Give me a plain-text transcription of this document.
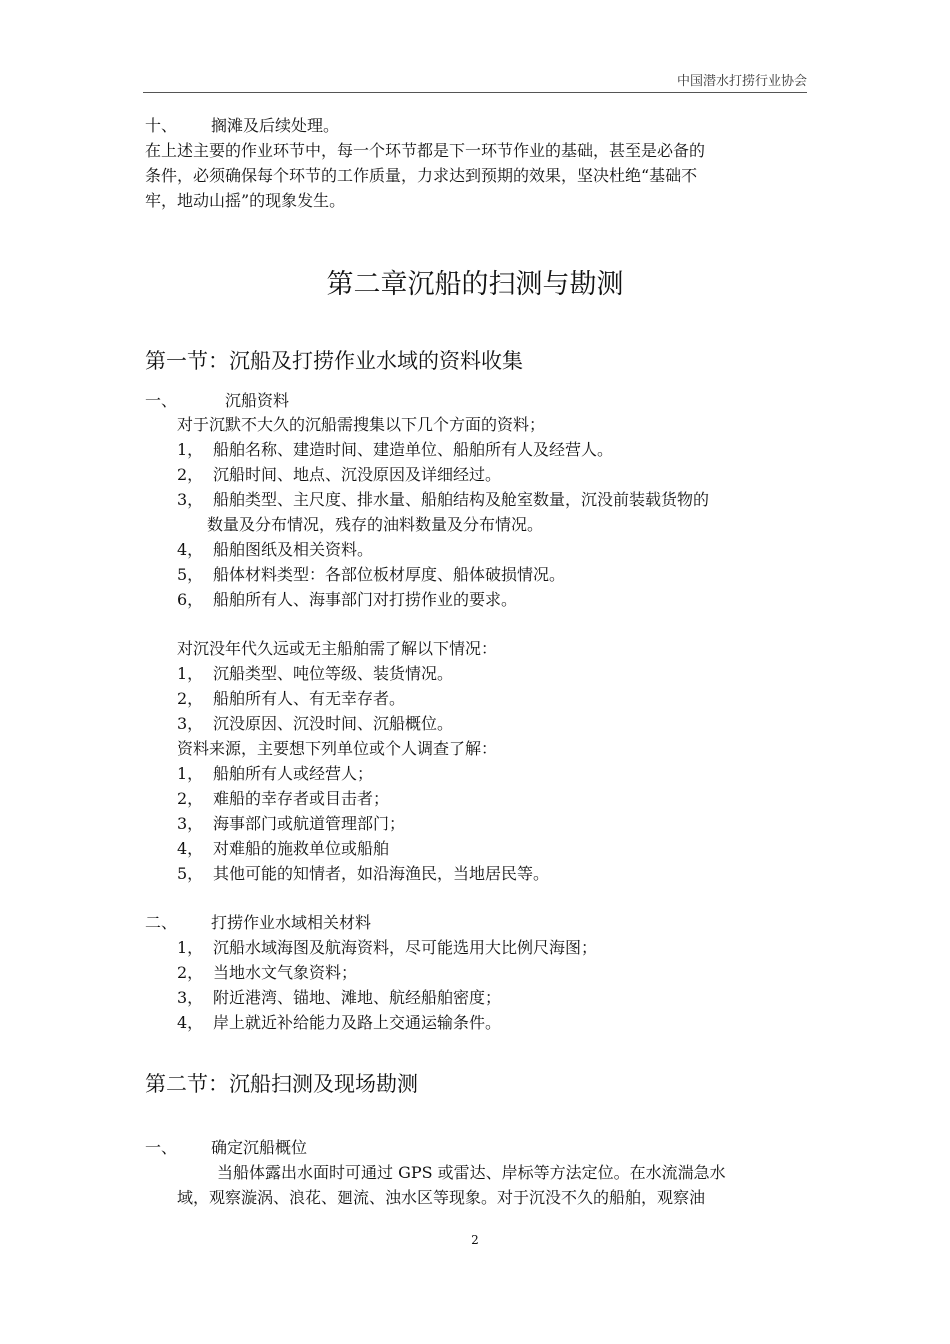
中国潜水打捞行业协会
十、 搁滩及后续处理。
在上述主要的作业环节中，每一个环节都是下一环节作业的基础，甚至是必备的
条件，必须确保每个环节的工作质量，力求达到预期的效果，坚决杜绝“基础不
牢，地动山摇”的现象发生。
第二章沉船的扫测与勘测
第一节：沉船及打捞作业水域的资料收集
一、	沉船资料
对于沉默不大久的沉船需搜集以下几个方面的资料；
1， 船舶名称、建造时间、建造单位、船舶所有人及经营人。
2， 沉船时间、地点、沉没原因及详细经过。
3， 船舶类型、主尺度、排水量、船舶结构及舱室数量，沉没前装载货物的
数量及分布情况，残存的油料数量及分布情况。
4， 船舶图纸及相关资料。
5， 船体材料类型：各部位板材厚度、船体破损情况。
6， 船舶所有人、海事部门对打捞作业的要求。
对沉没年代久远或无主船舶需了解以下情况：
1， 沉船类型、吨位等级、装货情况。
2， 船舶所有人、有无幸存者。
3， 沉没原因、沉没时间、沉船概位。
资料来源，主要想下列单位或个人调查了解：
1， 船舶所有人或经营人；
2， 难船的幸存者或目击者；
3， 海事部门或航道管理部门；
4， 对难船的施救单位或船舶
5， 其他可能的知情者，如沿海渔民，当地居民等。
二、 打捞作业水域相关材料
1， 沉船水域海图及航海资料，尽可能选用大比例尺海图；
2， 当地水文气象资料；
3， 附近港湾、锚地、滩地、航经船舶密度；
4， 岸上就近补给能力及路上交通运输条件。
第二节：沉船扫测及现场勘测
一、 确定沉船概位
当船体露出水面时可通过 GPS 或雷达、岸标等方法定位。在水流湍急水
域，观察漩涡、浪花、廻流、浊水区等现象。对于沉没不久的船舶，观察油
2
